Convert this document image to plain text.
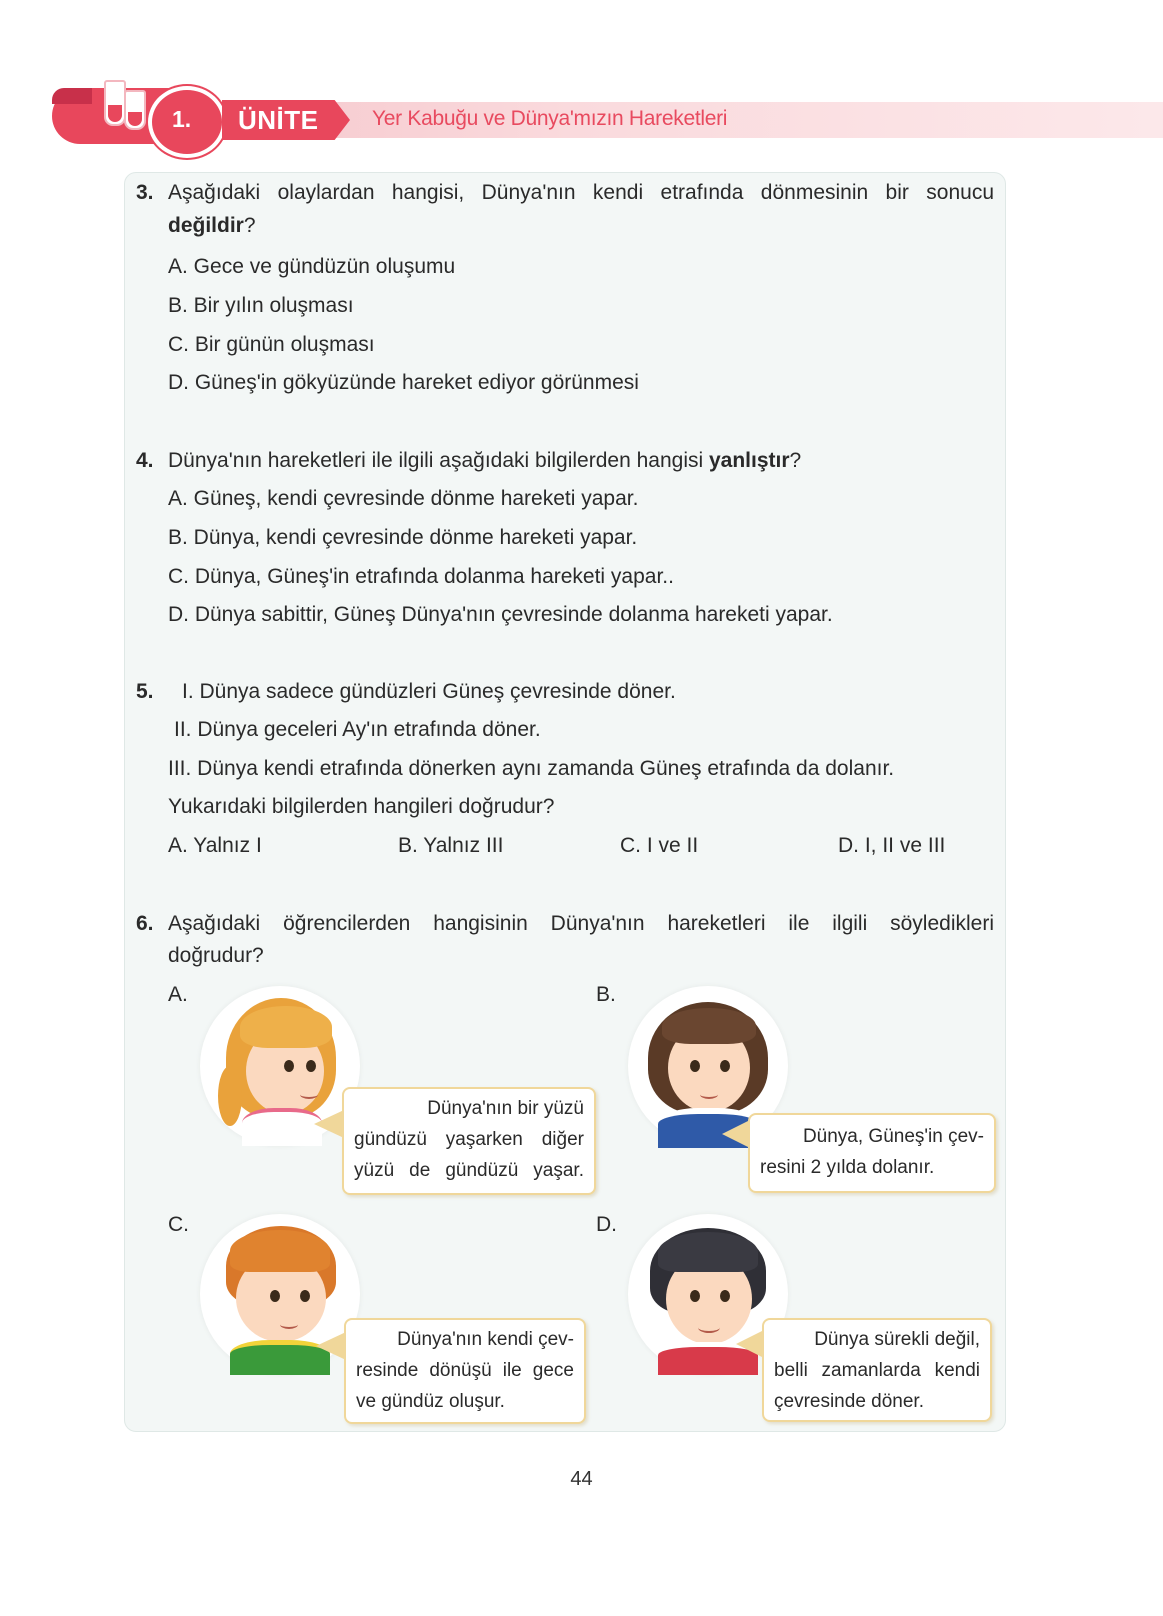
Yer Kabuğu ve Dünya'mızın Hareketleri
1. ÜNİTE
3. Aşağıdaki olaylardan hangisi, Dünya'nın kendi etrafında dönmesinin bir sonucu
değildir?
A. Gece ve gündüzün oluşumu
B. Bir yılın oluşması
C. Bir günün oluşması
D. Güneş'in gökyüzünde hareket ediyor görünmesi
4. Dünya'nın hareketleri ile ilgili aşağıdaki bilgilerden hangisi yanlıştır?
A. Güneş, kendi çevresinde dönme hareketi yapar.
B. Dünya, kendi çevresinde dönme hareketi yapar.
C. Dünya, Güneş'in etrafında dolanma hareketi yapar..
D. Dünya sabittir, Güneş Dünya'nın çevresinde dolanma hareketi yapar.
5. I. Dünya sadece gündüzleri Güneş çevresinde döner.
II. Dünya geceleri Ay'ın etrafında döner.
III. Dünya kendi etrafında dönerken aynı zamanda Güneş etrafında da dolanır.
Yukarıdaki bilgilerden hangileri doğrudur?
A. Yalnız I	B. Yalnız III	C. I ve II	D. I, II ve III
6. Aşağıdaki öğrencilerden hangisinin Dünya'nın hareketleri ile ilgili söyledikleri
doğrudur?
A.
Dünya'nın bir yüzü
gündüzü yaşarken diğer
yüzü de gündüzü yaşar.
B.
Dünya, Güneş'in çev-
resini 2 yılda dolanır.
C.
Dünya'nın kendi çev-
resinde dönüşü ile gece
ve gündüz oluşur.
D.
Dünya sürekli değil,
belli zamanlarda kendi
çevresinde döner.
44
